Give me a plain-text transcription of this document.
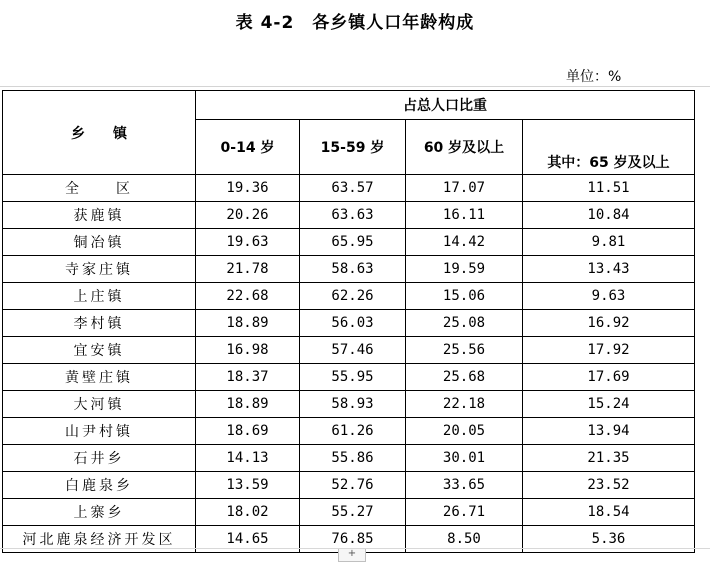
表 4-2　各乡镇人口年龄构成
单位：%
乡　　镇	占总人口比重			
	0-14 岁	15-59 岁	60 岁及以上	
				其中：65 岁及以上
全　　区	19.36	63.57	17.07	11.51
获鹿镇	20.26	63.63	16.11	10.84
铜冶镇	19.63	65.95	14.42	9.81
寺家庄镇	21.78	58.63	19.59	13.43
上庄镇	22.68	62.26	15.06	9.63
李村镇	18.89	56.03	25.08	16.92
宜安镇	16.98	57.46	25.56	17.92
黄壁庄镇	18.37	55.95	25.68	17.69
大河镇	18.89	58.93	22.18	15.24
山尹村镇	18.69	61.26	20.05	13.94
石井乡	14.13	55.86	30.01	21.35
白鹿泉乡	13.59	52.76	33.65	23.52
上寨乡	18.02	55.27	26.71	18.54
河北鹿泉经济开发区	14.65	76.85	8.50	5.36
+
